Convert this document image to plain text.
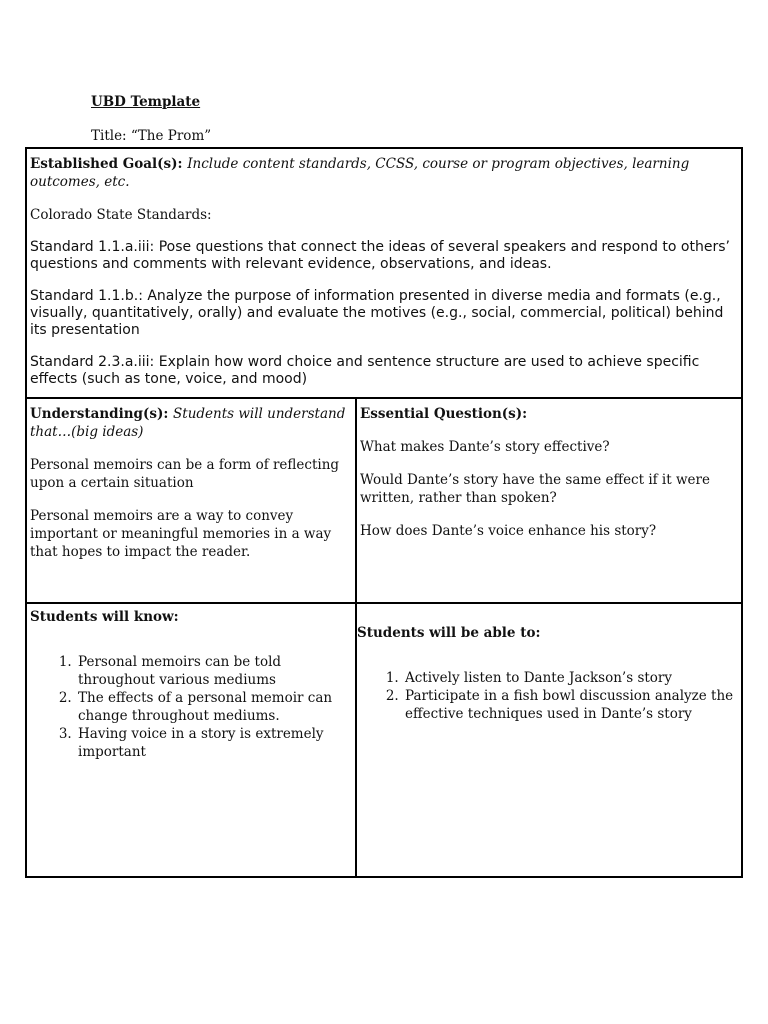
UBD Template
Title: “The Prom”

Established Goal(s): Include content standards, CCSS, course or program objectives, learning outcomes, etc.

Colorado State Standards:

Standard 1.1.a.iii: Pose questions that connect the ideas of several speakers and respond to others’ questions and comments with relevant evidence, observations, and ideas.

Standard 1.1.b.: Analyze the purpose of information presented in diverse media and formats (e.g., visually, quantitatively, orally) and evaluate the motives (e.g., social, commercial, political) behind its presentation

Standard 2.3.a.iii: Explain how word choice and sentence structure are used to achieve specific effects (such as tone, voice, and mood)

Understanding(s): Students will understand that…(big ideas)

Personal memoirs can be a form of reflecting upon a certain situation

Personal memoirs are a way to convey important or meaningful memories in a way that hopes to impact the reader.

Essential Question(s):

What makes Dante’s story effective?

Would Dante’s story have the same effect if it were written, rather than spoken?

How does Dante’s voice enhance his story?

Students will know:

1. Personal memoirs can be told throughout various mediums
2. The effects of a personal memoir can change throughout mediums.
3. Having voice in a story is extremely important

Students will be able to:

1. Actively listen to Dante Jackson’s story
2. Participate in a fish bowl discussion analyze the effective techniques used in Dante’s story
